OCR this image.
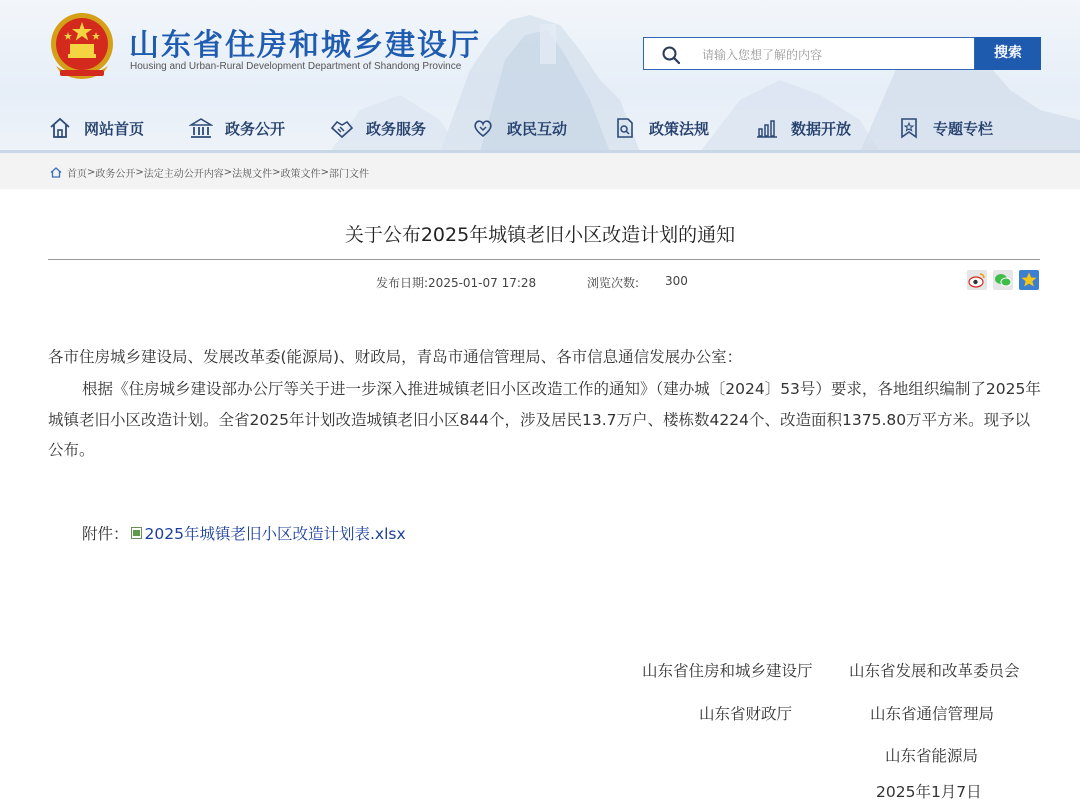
山东省住房和城乡建设厅
Housing and Urban-Rural Development Department of Shandong Province
请输入您想了解的内容
搜索
网站首页	政务公开	政务服务	政民互动	政策法规	数据开放	专题专栏
首页 > 政务公开 > 法定主动公开内容 > 法规文件 > 政策文件 > 部门文件
关于公布2025年城镇老旧小区改造计划的通知
发布日期:2025-01-07 17:28	浏览次数: 300
各市住房城乡建设局、发展改革委(能源局)、财政局，青岛市通信管理局、各市信息通信发展办公室：
根据《住房城乡建设部办公厅等关于进一步深入推进城镇老旧小区改造工作的通知》（建办城〔2024〕53号）要求，各地组织编制了2025年城镇老旧小区改造计划。全省2025年计划改造城镇老旧小区844个，涉及居民13.7万户、楼栋数4224个、改造面积1375.80万平方米。现予以公布。
附件： 2025年城镇老旧小区改造计划表.xlsx
山东省住房和城乡建设厅 山东省发展和改革委员会
山东省财政厅	山东省通信管理局
山东省能源局
2025年1月7日
